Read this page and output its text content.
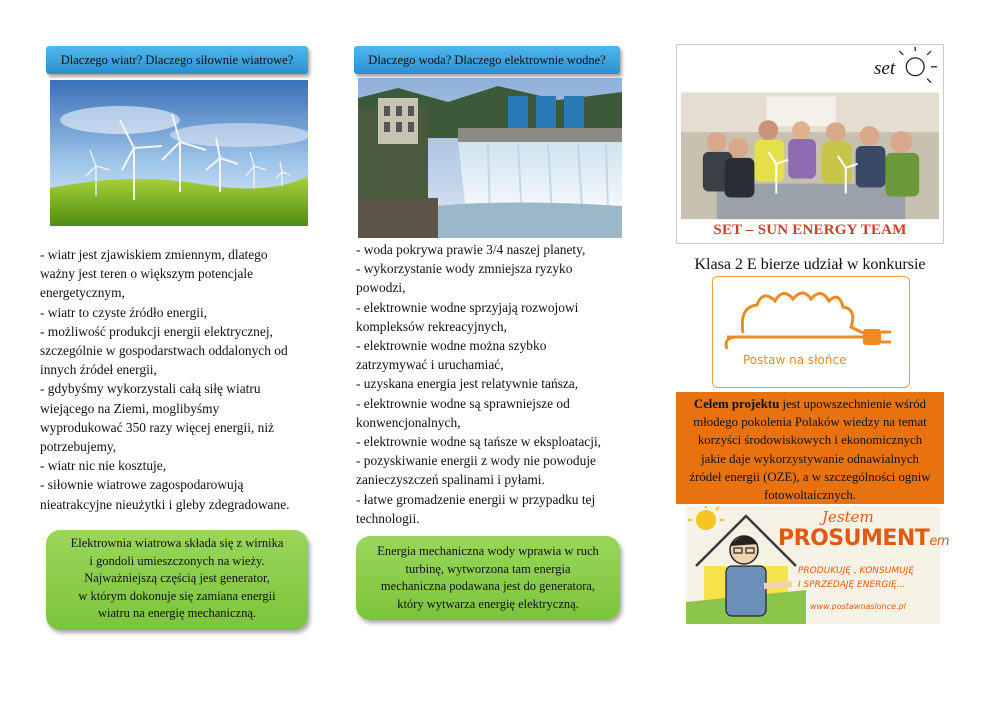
Dlaczego wiatr? Dlaczego siłownie wiatrowe?
- wiatr jest zjawiskiem zmiennym, dlatego
ważny jest teren o większym potencjale
energetycznym,
- wiatr to czyste źródło energii,
- możliwość produkcji energii elektrycznej,
szczególnie w gospodarstwach oddalonych od
innych źródeł energii,
- gdybyśmy wykorzystali całą siłę wiatru
wiejącego na Ziemi, moglibyśmy
wyprodukować 350 razy więcej energii, niż
potrzebujemy,
- wiatr nic nie kosztuje,
- siłownie wiatrowe zagospodarowują
nieatrakcyjne nieużytki i gleby zdegradowane.
Elektrownia wiatrowa składa się z wirnika
i gondoli umieszczonych na wieży.
Najważniejszą częścią jest generator,
w którym dokonuje się zamiana energii
wiatru na energię mechaniczną.
Dlaczego woda? Dlaczego elektrownie wodne?
- woda pokrywa prawie 3/4 naszej planety,
- wykorzystanie wody zmniejsza ryzyko
powodzi,
- elektrownie wodne sprzyjają rozwojowi
kompleksów rekreacyjnych,
- elektrownie wodne można szybko
zatrzymywać i uruchamiać,
- uzyskana energia jest relatywnie tańsza,
- elektrownie wodne są sprawniejsze od
konwencjonalnych,
- elektrownie wodne są tańsze w eksploatacji,
- pozyskiwanie energii z wody nie powoduje
zanieczyszczeń spalinami i pyłami.
- łatwe gromadzenie energii w przypadku tej
technologii.
Energia mechaniczna wody wprawia w ruch
turbinę, wytworzona tam energia
mechaniczna podawana jest do generatora,
który wytwarza energię elektryczną.
set
SET – SUN ENERGY TEAM
Klasa 2 E bierze udział w konkursie
Postaw na słońce
Celem projektu jest upowszechnienie wśród
młodego pokolenia Polaków wiedzy na temat
korzyści środowiskowych i ekonomicznych
jakie daje wykorzystywanie odnawialnych
źródeł energii (OZE), a w szczególności ogniw
fotowoltaicznych.
Jestem
PROSUMENTem
PRODUKUJĘ , KONSUMUJĘ
I SPRZEDAJĘ ENERGIĘ...
www.postawnaslonce.pl
